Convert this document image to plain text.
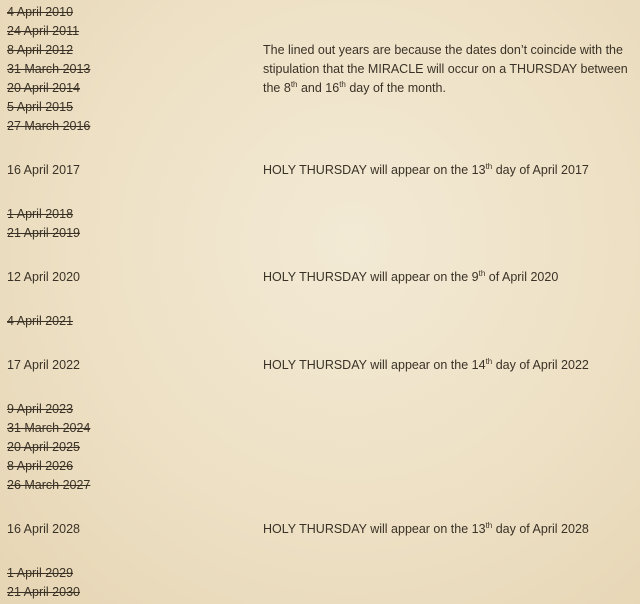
4 April 2010
24 April 2011
8 April 2012
31 March 2013
20 April 2014
5 April 2015
27 March 2016
The lined out years are because the dates don’t coincide with the
stipulation that the MIRACLE will occur on a THURSDAY between
the 8th and 16th day of the month.
16 April 2017	HOLY THURSDAY will appear on the 13th day of April 2017
1 April 2018
21 April 2019
12 April 2020	HOLY THURSDAY will appear on the 9th of April 2020
4 April 2021
17 April 2022	HOLY THURSDAY will appear on the 14th day of April 2022
9 April 2023
31 March 2024
20 April 2025
8 April 2026
26 March 2027
16 April 2028	HOLY THURSDAY will appear on the 13th day of April 2028
1 April 2029
21 April 2030
